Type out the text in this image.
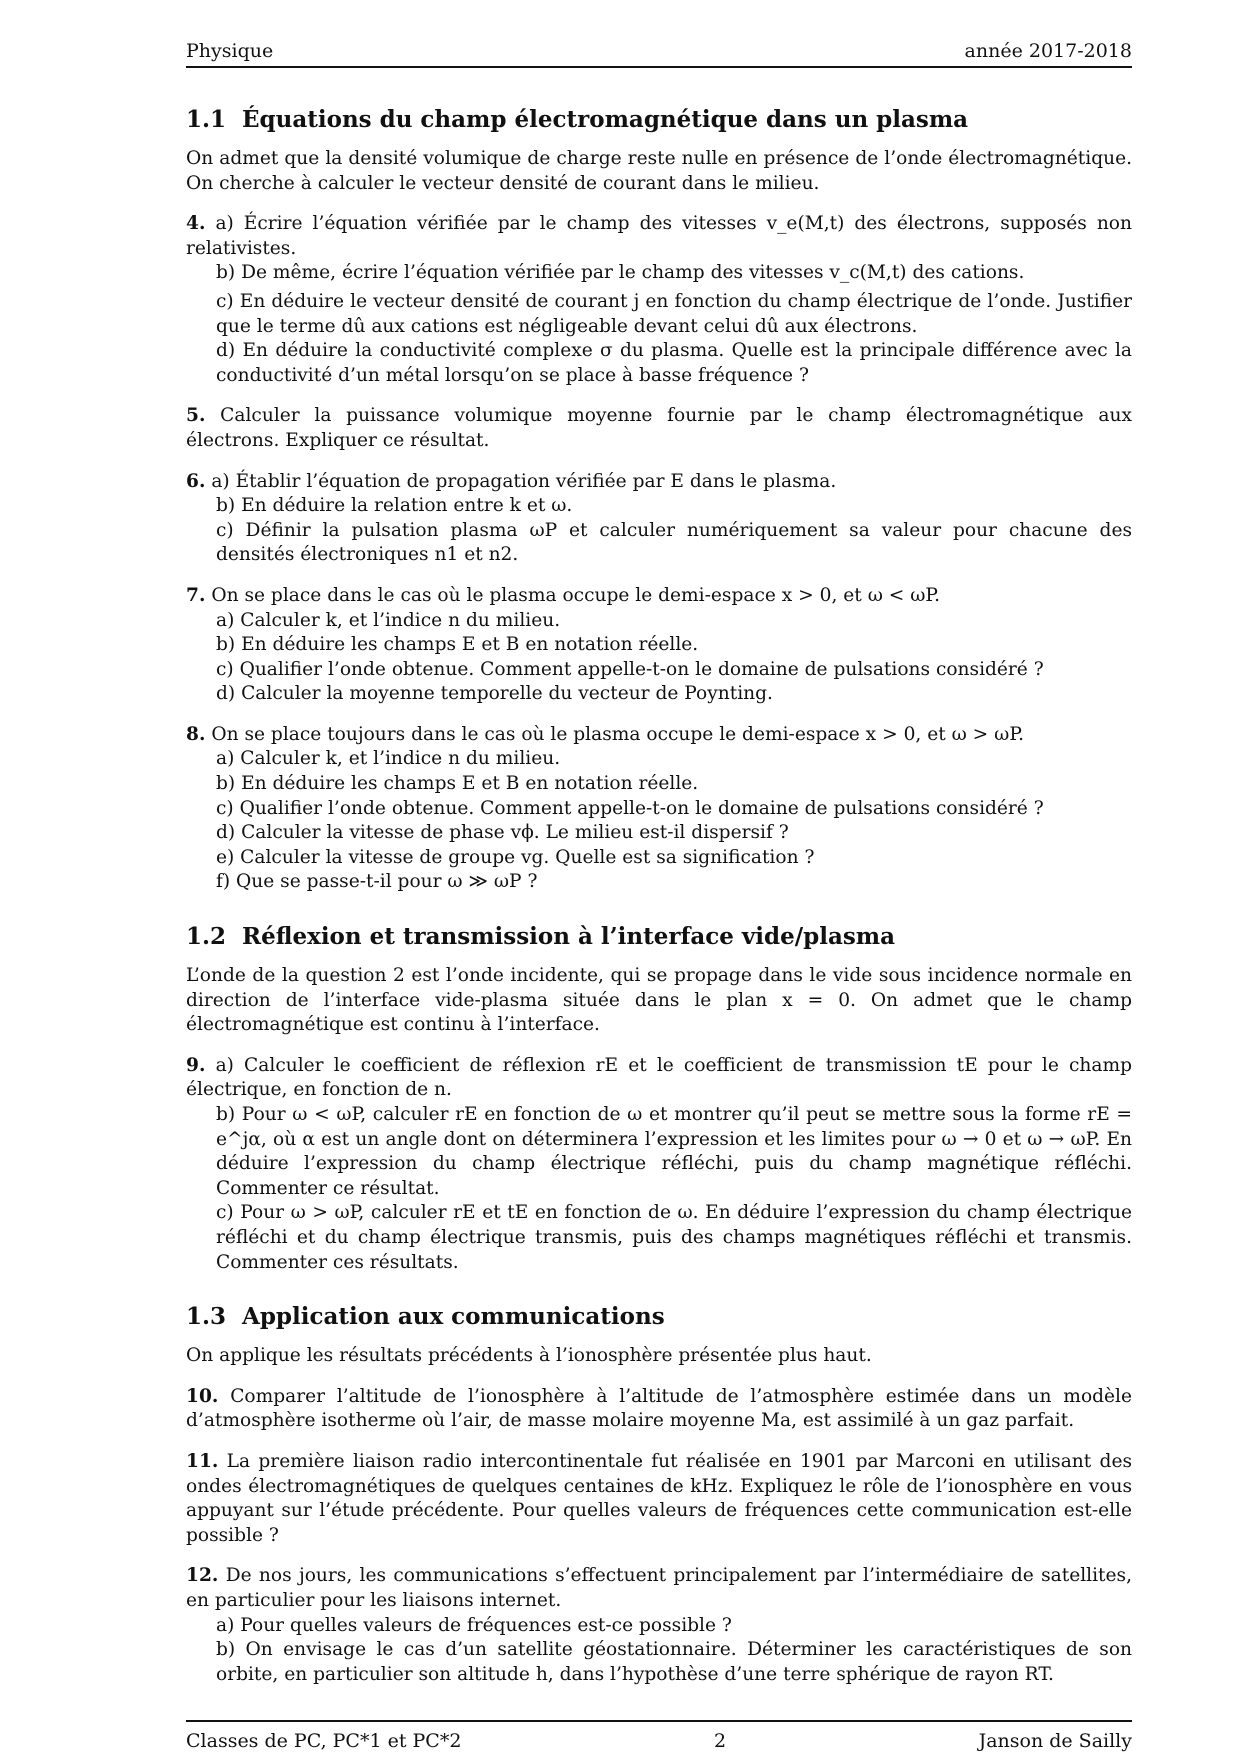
Physique	année 2017-2018
1.1 Équations du champ électromagnétique dans un plasma

On admet que la densité volumique de charge reste nulle en présence de l’onde électromagnétique. On cherche à calculer le vecteur densité de courant dans le milieu.

4. a) Écrire l’équation vérifiée par le champ des vitesses v_e(M,t) des électrons, supposés non relativistes.

b) De même, écrire l’équation vérifiée par le champ des vitesses v_c(M,t) des cations.

c) En déduire le vecteur densité de courant j en fonction du champ électrique de l’onde. Justifier que le terme dû aux cations est négligeable devant celui dû aux électrons.

d) En déduire la conductivité complexe σ du plasma. Quelle est la principale différence avec la conductivité d’un métal lorsqu’on se place à basse fréquence ?

5. Calculer la puissance volumique moyenne fournie par le champ électromagnétique aux électrons. Expliquer ce résultat.

6. a) Établir l’équation de propagation vérifiée par E dans le plasma.

b) En déduire la relation entre k et ω.

c) Définir la pulsation plasma ωP et calculer numériquement sa valeur pour chacune des densités électroniques n1 et n2.

7. On se place dans le cas où le plasma occupe le demi-espace x > 0, et ω < ωP.

a) Calculer k, et l’indice n du milieu.

b) En déduire les champs E et B en notation réelle.

c) Qualifier l’onde obtenue. Comment appelle-t-on le domaine de pulsations considéré ?

d) Calculer la moyenne temporelle du vecteur de Poynting.

8. On se place toujours dans le cas où le plasma occupe le demi-espace x > 0, et ω > ωP.

a) Calculer k, et l’indice n du milieu.

b) En déduire les champs E et B en notation réelle.

c) Qualifier l’onde obtenue. Comment appelle-t-on le domaine de pulsations considéré ?

d) Calculer la vitesse de phase vϕ. Le milieu est-il dispersif ?

e) Calculer la vitesse de groupe vg. Quelle est sa signification ?

f) Que se passe-t-il pour ω ≫ ωP ?

1.2 Réflexion et transmission à l’interface vide/plasma

L’onde de la question 2 est l’onde incidente, qui se propage dans le vide sous incidence normale en direction de l’interface vide-plasma située dans le plan x = 0. On admet que le champ électromagnétique est continu à l’interface.

9. a) Calculer le coefficient de réflexion rE et le coefficient de transmission tE pour le champ électrique, en fonction de n.

b) Pour ω < ωP, calculer rE en fonction de ω et montrer qu’il peut se mettre sous la forme rE = e^jα, où α est un angle dont on déterminera l’expression et les limites pour ω → 0 et ω → ωP. En déduire l’expression du champ électrique réfléchi, puis du champ magnétique réfléchi. Commenter ce résultat.

c) Pour ω > ωP, calculer rE et tE en fonction de ω. En déduire l’expression du champ électrique réfléchi et du champ électrique transmis, puis des champs magnétiques réfléchi et transmis. Commenter ces résultats.

1.3 Application aux communications

On applique les résultats précédents à l’ionosphère présentée plus haut.

10. Comparer l’altitude de l’ionosphère à l’altitude de l’atmosphère estimée dans un modèle d’atmosphère isotherme où l’air, de masse molaire moyenne Ma, est assimilé à un gaz parfait.

11. La première liaison radio intercontinentale fut réalisée en 1901 par Marconi en utilisant des ondes électromagnétiques de quelques centaines de kHz. Expliquez le rôle de l’ionosphère en vous appuyant sur l’étude précédente. Pour quelles valeurs de fréquences cette communication est-elle possible ?

12. De nos jours, les communications s’effectuent principalement par l’intermédiaire de satellites, en particulier pour les liaisons internet.

a) Pour quelles valeurs de fréquences est-ce possible ?

b) On envisage le cas d’un satellite géostationnaire. Déterminer les caractéristiques de son orbite, en particulier son altitude h, dans l’hypothèse d’une terre sphérique de rayon RT.

Classes de PC, PC*1 et PC*2	2	Janson de Sailly
